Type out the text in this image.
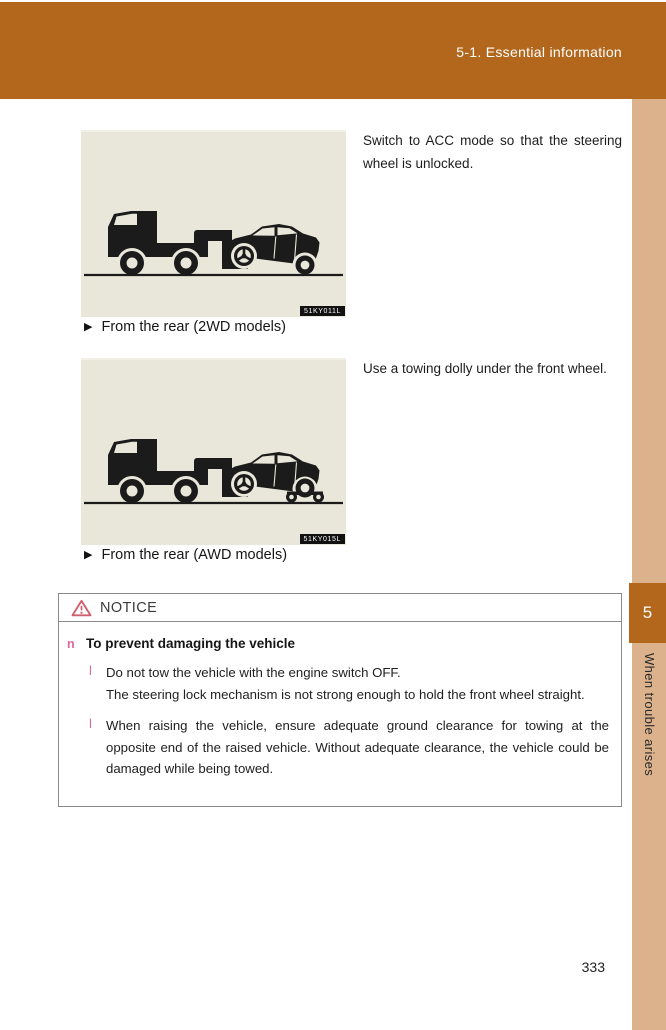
5-1. Essential information
5
When trouble arises
51KY011L

Switch to ACC mode so that the steering wheel is unlocked.

▶ From the rear (2WD models)
51KY015L

Use a towing dolly under the front wheel.

▶ From the rear (AWD models)
NOTICE
n To prevent damaging the vehicle
l	Do not tow the vehicle with the engine switch OFF.
The steering lock mechanism is not strong enough to hold the front wheel straight.
l	When raising the vehicle, ensure adequate ground clearance for towing at the opposite end of the raised vehicle. Without adequate clearance, the vehicle could be damaged while being towed.
333
